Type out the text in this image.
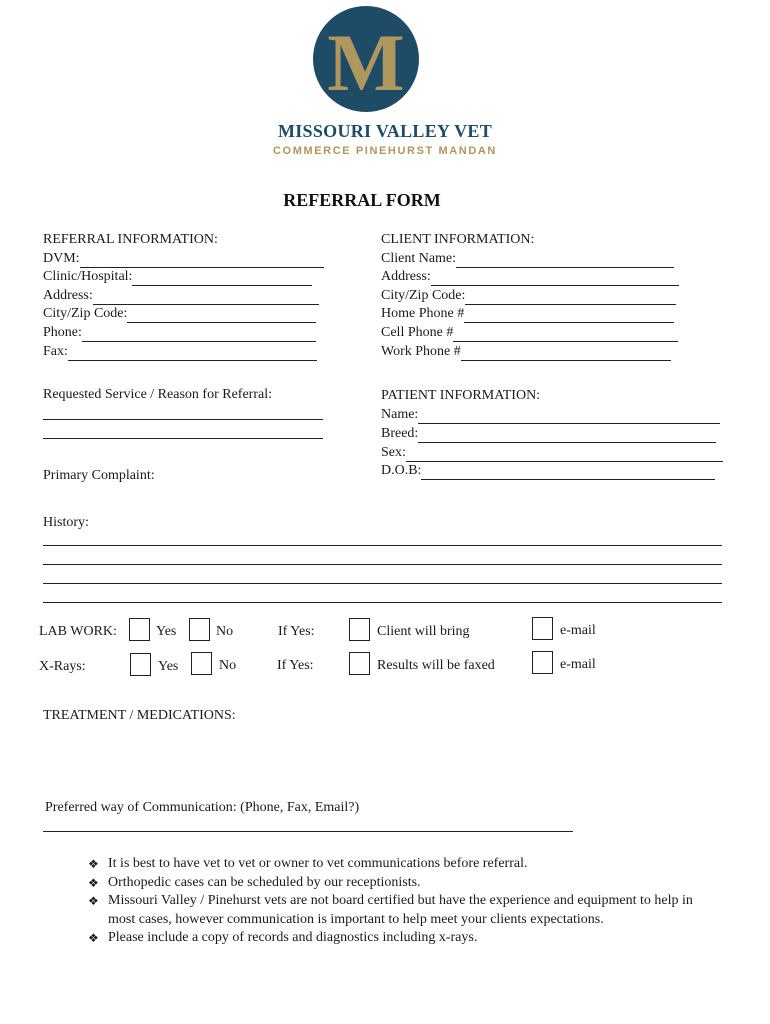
M
MISSOURI VALLEY VET
COMMERCE PINEHURST MANDAN
REFERRAL FORM
REFERRAL INFORMATION:
DVM:
Clinic/Hospital:
Address:
City/Zip Code:
Phone:
Fax:
CLIENT INFORMATION:
Client Name:
Address:
City/Zip Code:
Home Phone #
Cell Phone #
Work Phone #
Requested Service / Reason for Referral:
Primary Complaint:
PATIENT INFORMATION:
Name:
Breed:
Sex:
D.O.B:
History:
LAB WORK:	Yes	No	If Yes:	Client will bring	e-mail
X-Rays:	Yes	No	If Yes:	Results will be faxed	e-mail
TREATMENT / MEDICATIONS:
Preferred way of Communication: (Phone, Fax, Email?)
❖ It is best to have vet to vet or owner to vet communications before referral.
❖ Orthopedic cases can be scheduled by our receptionists.
❖ Missouri Valley / Pinehurst vets are not board certified but have the experience and equipment to help in most cases, however communication is important to help meet your clients expectations.
❖ Please include a copy of records and diagnostics including x-rays.
